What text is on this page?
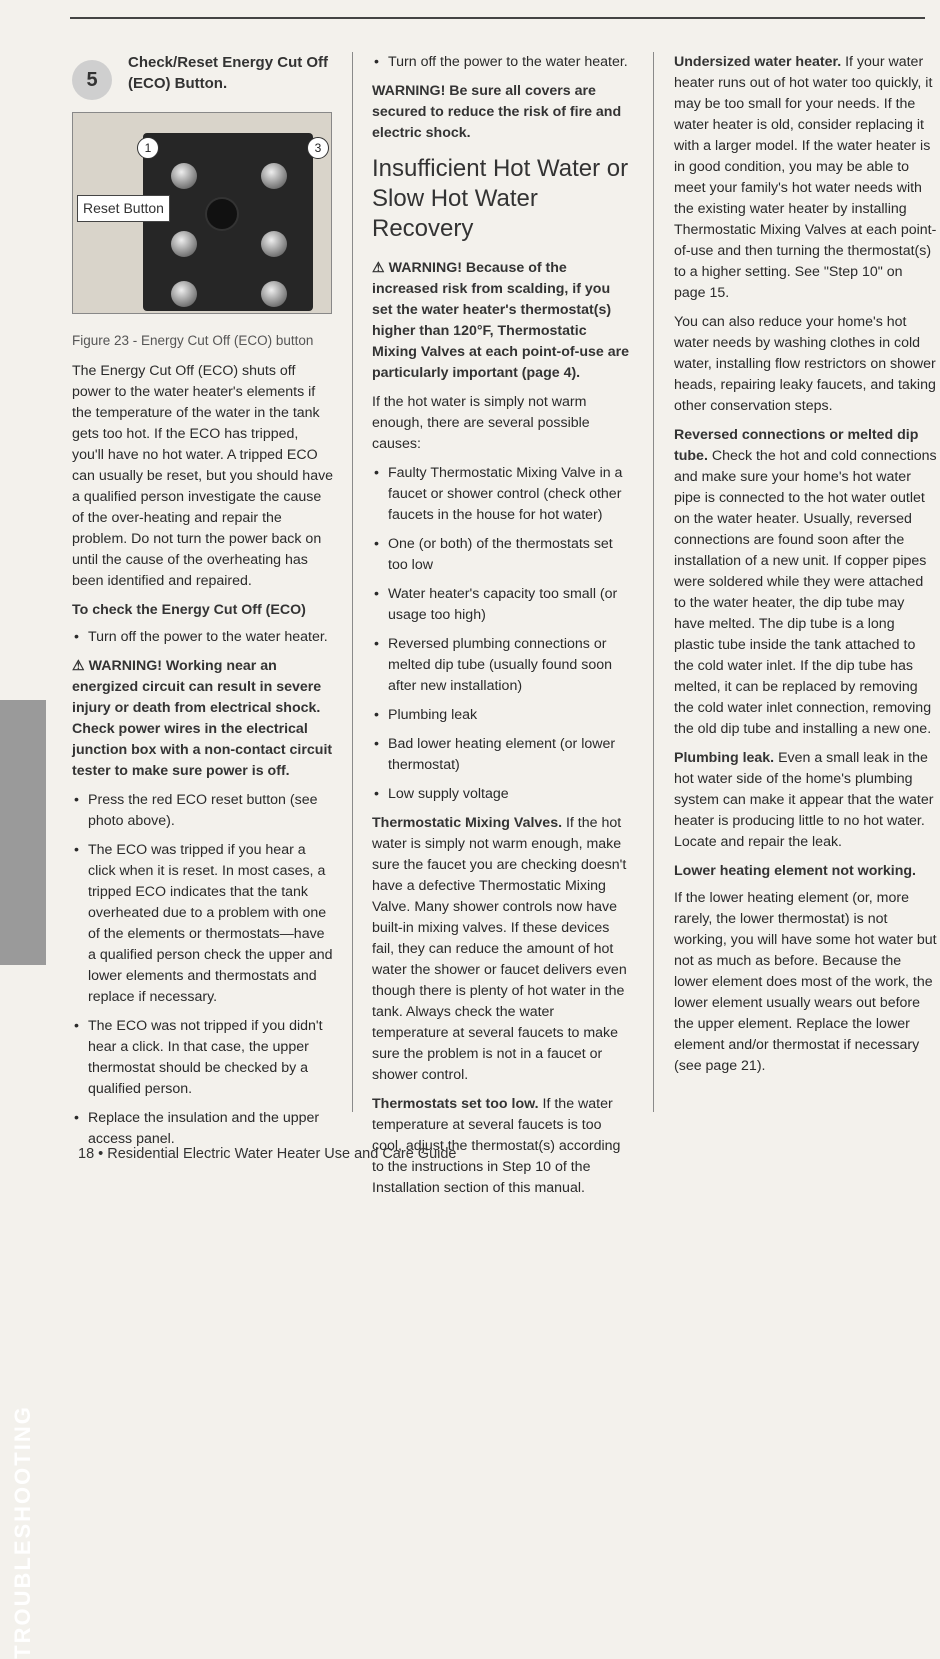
TROUBLESHOOTING
5
Check/Reset Energy Cut Off (ECO) Button.
1	3
Reset Button
Figure 23 - Energy Cut Off (ECO) button

The Energy Cut Off (ECO) shuts off power to the water heater's elements if the temperature of the water in the tank gets too hot. If the ECO has tripped, you'll have no hot water. A tripped ECO can usually be reset, but you should have a qualified person investigate the cause of the over-heating and repair the problem. Do not turn the power back on until the cause of the overheating has been identified and repaired.

To check the Energy Cut Off (ECO)
• Turn off the power to the water heater.
⚠ WARNING! Working near an energized circuit can result in severe injury or death from electrical shock. Check power wires in the electrical junction box with a non-contact circuit tester to make sure power is off.
• Press the red ECO reset button (see photo above).
• The ECO was tripped if you hear a click when it is reset. In most cases, a tripped ECO indicates that the tank overheated due to a problem with one of the elements or thermostats—have a qualified person check the upper and lower elements and thermostats and replace if necessary.
• The ECO was not tripped if you didn't hear a click. In that case, the upper thermostat should be checked by a qualified person.
• Replace the insulation and the upper access panel.
• Turn off the power to the water heater.
WARNING! Be sure all covers are secured to reduce the risk of fire and electric shock.
Insufficient Hot Water or Slow Hot Water Recovery
⚠ WARNING! Because of the increased risk from scalding, if you set the water heater's thermostat(s) higher than 120°F, Thermostatic Mixing Valves at each point-of-use are particularly important (page 4).

If the hot water is simply not warm enough, there are several possible causes:

• Faulty Thermostatic Mixing Valve in a faucet or shower control (check other faucets in the house for hot water)
• One (or both) of the thermostats set too low
• Water heater's capacity too small (or usage too high)
• Reversed plumbing connections or melted dip tube (usually found soon after new installation)
• Plumbing leak
• Bad lower heating element (or lower thermostat)
• Low supply voltage

Thermostatic Mixing Valves. If the hot water is simply not warm enough, make sure the faucet you are checking doesn't have a defective Thermostatic Mixing Valve. Many shower controls now have built-in mixing valves. If these devices fail, they can reduce the amount of hot water the shower or faucet delivers even though there is plenty of hot water in the tank. Always check the water temperature at several faucets to make sure the problem is not in a faucet or shower control.

Thermostats set too low. If the water temperature at several faucets is too cool, adjust the thermostat(s) according to the instructions in Step 10 of the Installation section of this manual.

Undersized water heater. If your water heater runs out of hot water too quickly, it may be too small for your needs. If the water heater is old, consider replacing it with a larger model. If the water heater is in good condition, you may be able to meet your family's hot water needs with the existing water heater by installing Thermostatic Mixing Valves at each point-of-use and then turning the thermostat(s) to a higher setting. See "Step 10" on page 15.

You can also reduce your home's hot water needs by washing clothes in cold water, installing flow restrictors on shower heads, repairing leaky faucets, and taking other conservation steps.

Reversed connections or melted dip tube. Check the hot and cold connections and make sure your home's hot water pipe is connected to the hot water outlet on the water heater. Usually, reversed connections are found soon after the installation of a new unit. If copper pipes were soldered while they were attached to the water heater, the dip tube may have melted. The dip tube is a long plastic tube inside the tank attached to the cold water inlet. If the dip tube has melted, it can be replaced by removing the cold water inlet connection, removing the old dip tube and installing a new one.

Plumbing leak. Even a small leak in the hot water side of the home's plumbing system can make it appear that the water heater is producing little to no hot water. Locate and repair the leak.

Lower heating element not working.

If the lower heating element (or, more rarely, the lower thermostat) is not working, you will have some hot water but not as much as before. Because the lower element does most of the work, the lower element usually wears out before the upper element. Replace the lower element and/or thermostat if necessary (see page 21).

18 • Residential Electric Water Heater Use and Care Guide
